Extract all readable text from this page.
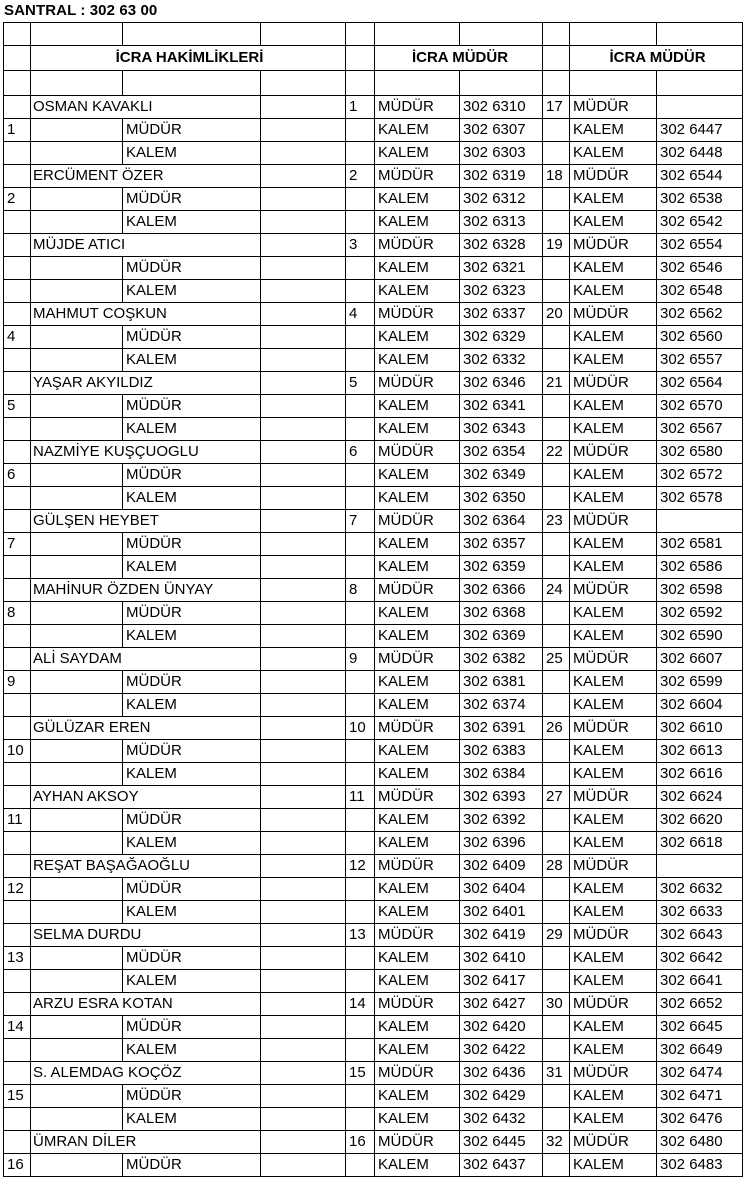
SANTRAL : 302 63 00

	İCRA HAKİMLİKLERİ				İCRA MÜDÜR			İCRA MÜDÜR	

	OSMAN KAVAKLI			1	MÜDÜR	302 6310	17	MÜDÜR	
1		MÜDÜR			KALEM	302 6307		KALEM	302 6447
		KALEM			KALEM	302 6303		KALEM	302 6448
	ERCÜMENT ÖZER			2	MÜDÜR	302 6319	18	MÜDÜR	302 6544
2		MÜDÜR			KALEM	302 6312		KALEM	302 6538
		KALEM			KALEM	302 6313		KALEM	302 6542
	MÜJDE ATICI			3	MÜDÜR	302 6328	19	MÜDÜR	302 6554
		MÜDÜR			KALEM	302 6321		KALEM	302 6546
		KALEM			KALEM	302 6323		KALEM	302 6548
	MAHMUT COŞKUN			4	MÜDÜR	302 6337	20	MÜDÜR	302 6562
4		MÜDÜR			KALEM	302 6329		KALEM	302 6560
		KALEM			KALEM	302 6332		KALEM	302 6557
	YAŞAR AKYILDIZ			5	MÜDÜR	302 6346	21	MÜDÜR	302 6564
5		MÜDÜR			KALEM	302 6341		KALEM	302 6570
		KALEM			KALEM	302 6343		KALEM	302 6567
	NAZMİYE KUŞÇUOGLU			6	MÜDÜR	302 6354	22	MÜDÜR	302 6580
6		MÜDÜR			KALEM	302 6349		KALEM	302 6572
		KALEM			KALEM	302 6350		KALEM	302 6578
	GÜLŞEN HEYBET			7	MÜDÜR	302 6364	23	MÜDÜR	
7		MÜDÜR			KALEM	302 6357		KALEM	302 6581
		KALEM			KALEM	302 6359		KALEM	302 6586
	MAHİNUR ÖZDEN ÜNYAY			8	MÜDÜR	302 6366	24	MÜDÜR	302 6598
8		MÜDÜR			KALEM	302 6368		KALEM	302 6592
		KALEM			KALEM	302 6369		KALEM	302 6590
	ALİ SAYDAM			9	MÜDÜR	302 6382	25	MÜDÜR	302 6607
9		MÜDÜR			KALEM	302 6381		KALEM	302 6599
		KALEM			KALEM	302 6374		KALEM	302 6604
	GÜLÜZAR EREN			10	MÜDÜR	302 6391	26	MÜDÜR	302 6610
10		MÜDÜR			KALEM	302 6383		KALEM	302 6613
		KALEM			KALEM	302 6384		KALEM	302 6616
	AYHAN AKSOY			11	MÜDÜR	302 6393	27	MÜDÜR	302 6624
11		MÜDÜR			KALEM	302 6392		KALEM	302 6620
		KALEM			KALEM	302 6396		KALEM	302 6618
	REŞAT BAŞAĞAOĞLU			12	MÜDÜR	302 6409	28	MÜDÜR	
12		MÜDÜR			KALEM	302 6404		KALEM	302 6632
		KALEM			KALEM	302 6401		KALEM	302 6633
	SELMA DURDU			13	MÜDÜR	302 6419	29	MÜDÜR	302 6643
13		MÜDÜR			KALEM	302 6410		KALEM	302 6642
		KALEM			KALEM	302 6417		KALEM	302 6641
	ARZU ESRA KOTAN			14	MÜDÜR	302 6427	30	MÜDÜR	302 6652
14		MÜDÜR			KALEM	302 6420		KALEM	302 6645
		KALEM			KALEM	302 6422		KALEM	302 6649
	S. ALEMDAG KOÇÖZ			15	MÜDÜR	302 6436	31	MÜDÜR	302 6474
15		MÜDÜR			KALEM	302 6429		KALEM	302 6471
		KALEM			KALEM	302 6432		KALEM	302 6476
	ÜMRAN DİLER			16	MÜDÜR	302 6445	32	MÜDÜR	302 6480
16		MÜDÜR			KALEM	302 6437		KALEM	302 6483
